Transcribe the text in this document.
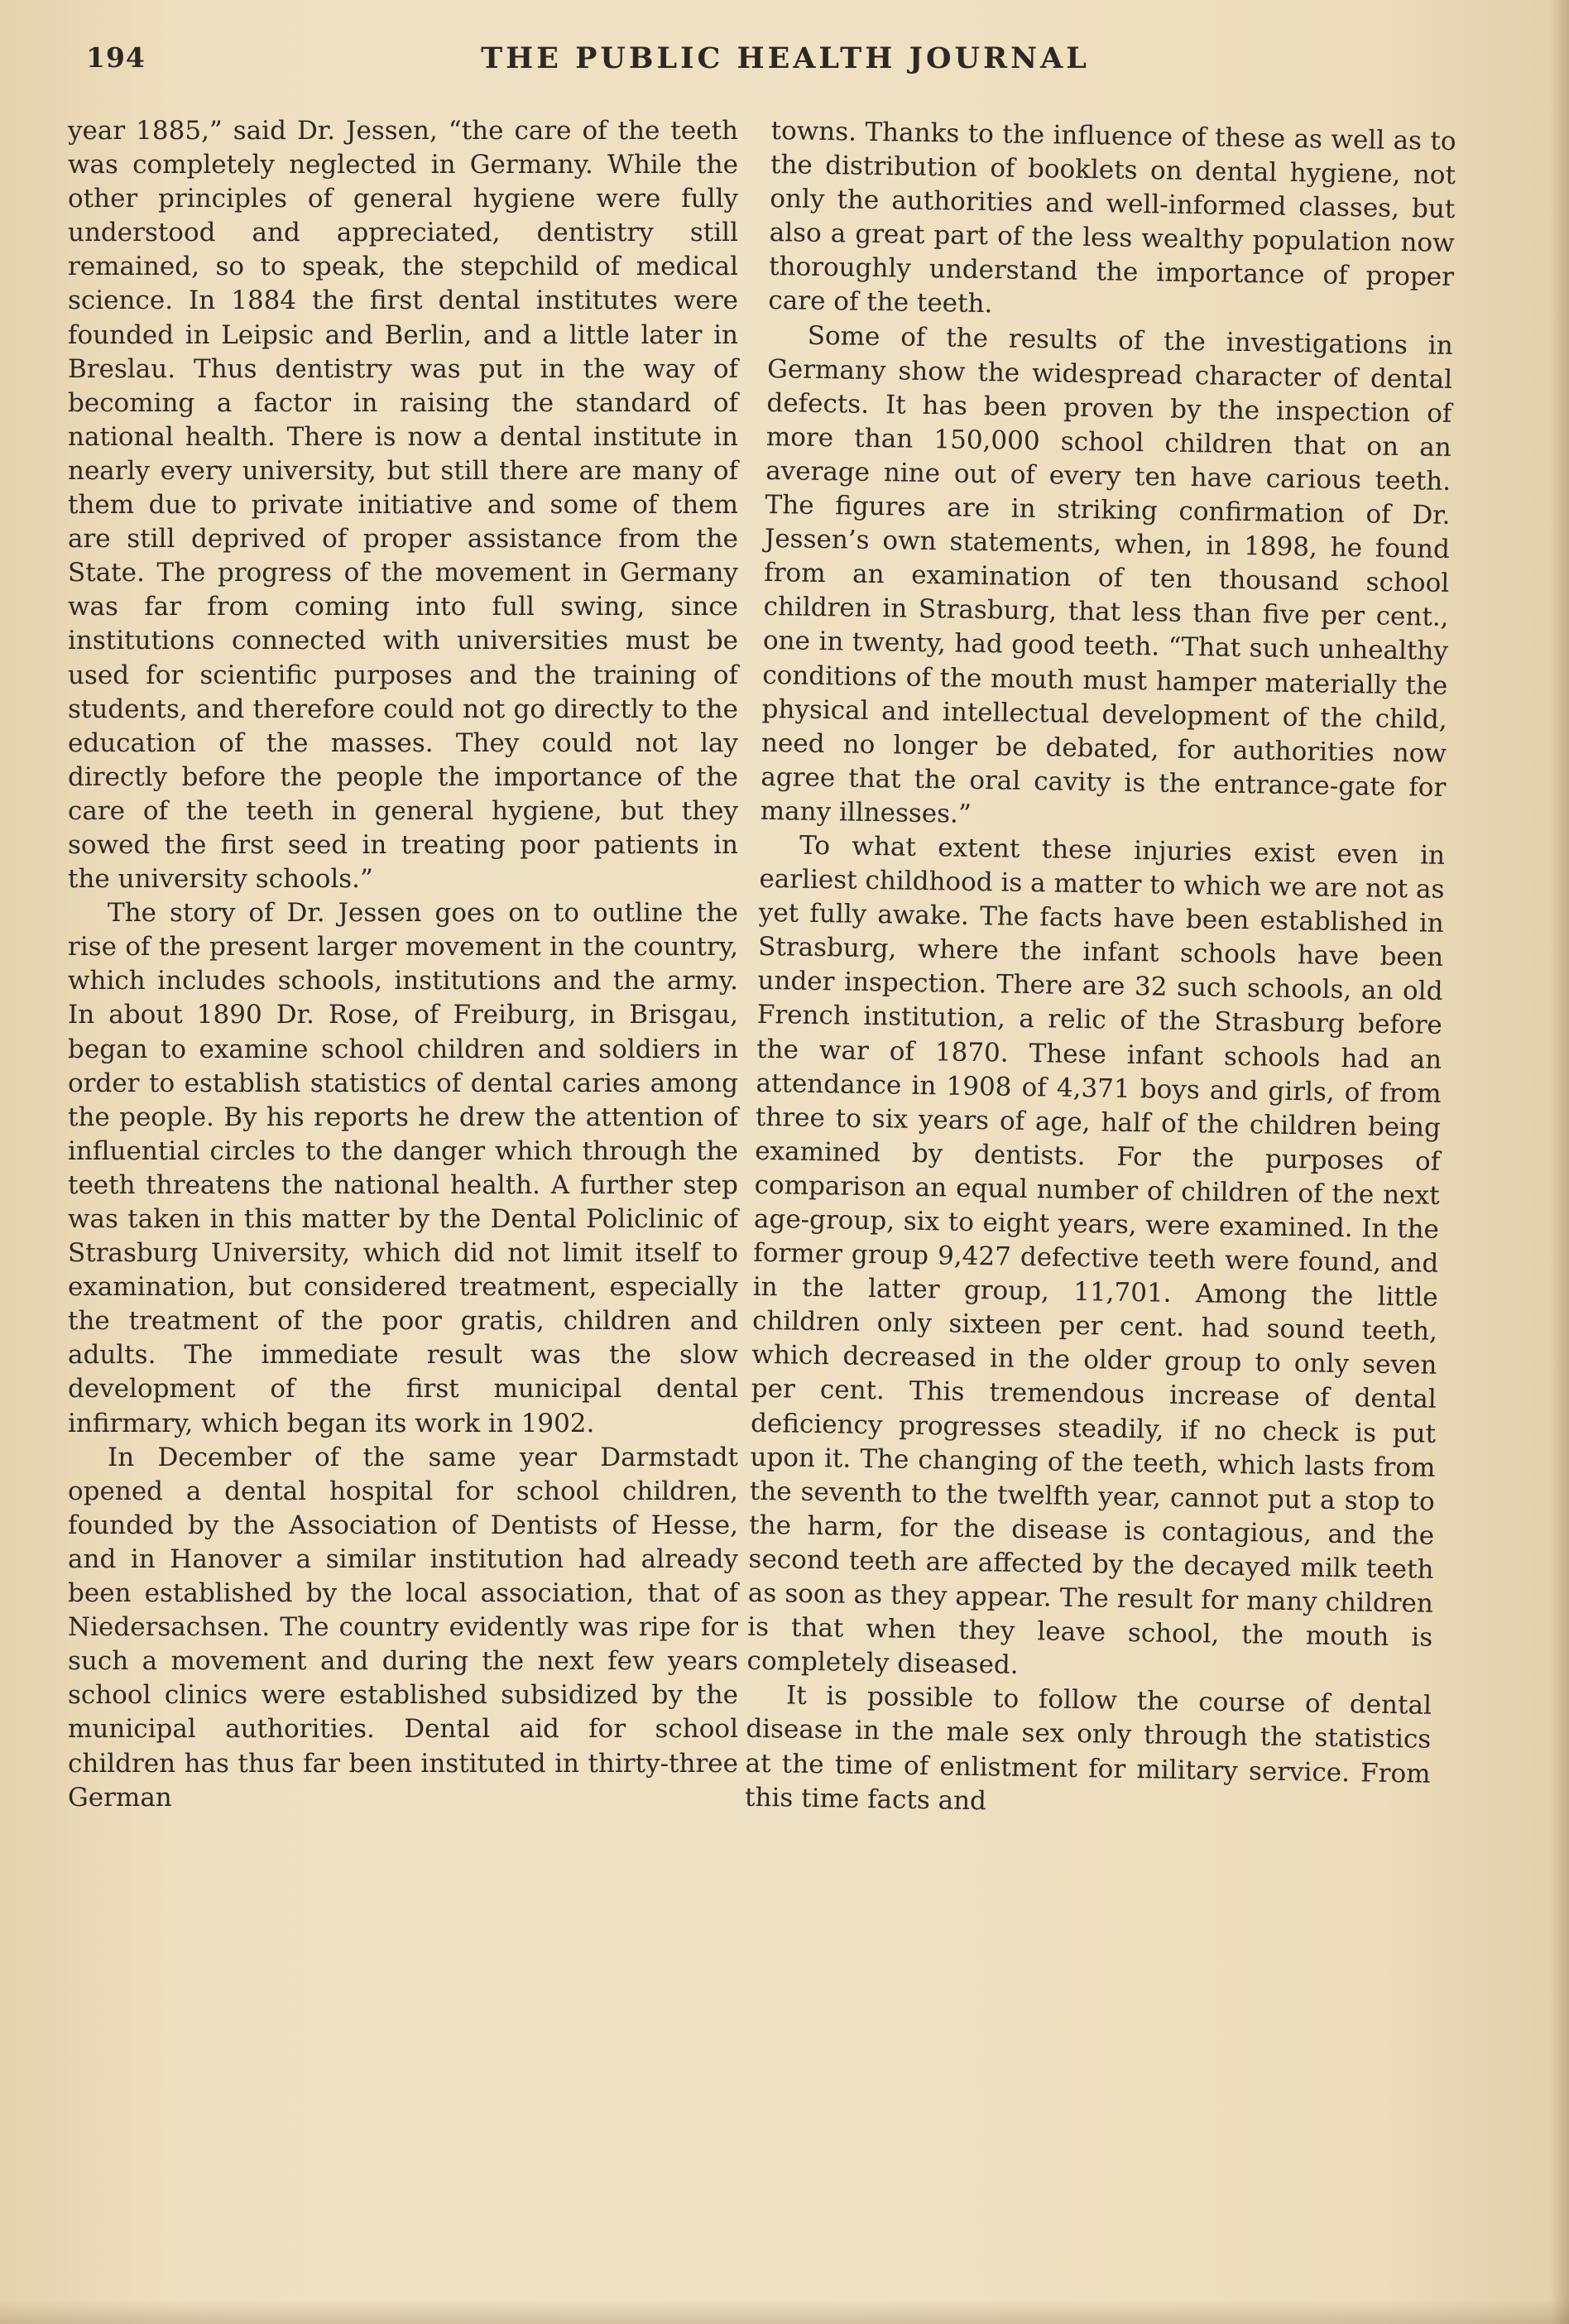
194	THE PUBLIC HEALTH JOURNAL

year 1885,” said Dr. Jessen, “the care of the teeth was completely neglected in Germany. While the other principles of general hygiene were fully understood and appreciated, dentistry still remained, so to speak, the stepchild of medical science. In 1884 the first dental institutes were founded in Leipsic and Berlin, and a little later in Breslau. Thus dentistry was put in the way of becoming a factor in raising the standard of national health. There is now a dental institute in nearly every university, but still there are many of them due to private initiative and some of them are still deprived of proper assistance from the State. The progress of the movement in Germany was far from coming into full swing, since institutions connected with universities must be used for scientific purposes and the training of students, and therefore could not go directly to the education of the masses. They could not lay directly before the people the importance of the care of the teeth in general hygiene, but they sowed the first seed in treating poor patients in the university schools.”

The story of Dr. Jessen goes on to outline the rise of the present larger movement in the country, which includes schools, institutions and the army. In about 1890 Dr. Rose, of Freiburg, in Brisgau, began to examine school children and soldiers in order to establish statistics of dental caries among the people. By his reports he drew the attention of influential circles to the danger which through the teeth threatens the national health. A further step was taken in this matter by the Dental Policlinic of Strasburg University, which did not limit itself to examination, but considered treatment, especially the treatment of the poor gratis, children and adults. The immediate result was the slow development of the first municipal dental infirmary, which began its work in 1902.

In December of the same year Darmstadt opened a dental hospital for school children, founded by the Association of Dentists of Hesse, and in Hanover a similar institution had already been established by the local association, that of Niedersachsen. The country evidently was ripe for such a movement and during the next few years school clinics were established subsidized by the municipal authorities. Dental aid for school children has thus far been instituted in thirty-three German

towns. Thanks to the influence of these as well as to the distribution of booklets on dental hygiene, not only the authorities and well-informed classes, but also a great part of the less wealthy population now thoroughly understand the importance of proper care of the teeth.

Some of the results of the investigations in Germany show the widespread character of dental defects. It has been proven by the inspection of more than 150,000 school children that on an average nine out of every ten have carious teeth. The figures are in striking confirmation of Dr. Jessen’s own statements, when, in 1898, he found from an examination of ten thousand school children in Strasburg, that less than five per cent., one in twenty, had good teeth. “That such unhealthy conditions of the mouth must hamper materially the physical and intellectual development of the child, need no longer be debated, for authorities now agree that the oral cavity is the entrance-gate for many illnesses.”

To what extent these injuries exist even in earliest childhood is a matter to which we are not as yet fully awake. The facts have been established in Strasburg, where the infant schools have been under inspection. There are 32 such schools, an old French institution, a relic of the Strasburg before the war of 1870. These infant schools had an attendance in 1908 of 4,371 boys and girls, of from three to six years of age, half of the children being examined by dentists. For the purposes of comparison an equal number of children of the next age-group, six to eight years, were examined. In the former group 9,427 defective teeth were found, and in the latter group, 11,701. Among the little children only sixteen per cent. had sound teeth, which decreased in the older group to only seven per cent. This tremendous increase of dental deficiency progresses steadily, if no check is put upon it. The changing of the teeth, which lasts from the seventh to the twelfth year, cannot put a stop to the harm, for the disease is contagious, and the second teeth are affected by the decayed milk teeth as soon as they appear. The result for many children is that when they leave school, the mouth is completely diseased.

It is possible to follow the course of dental disease in the male sex only through the statistics at the time of enlistment for military service. From this time facts and
